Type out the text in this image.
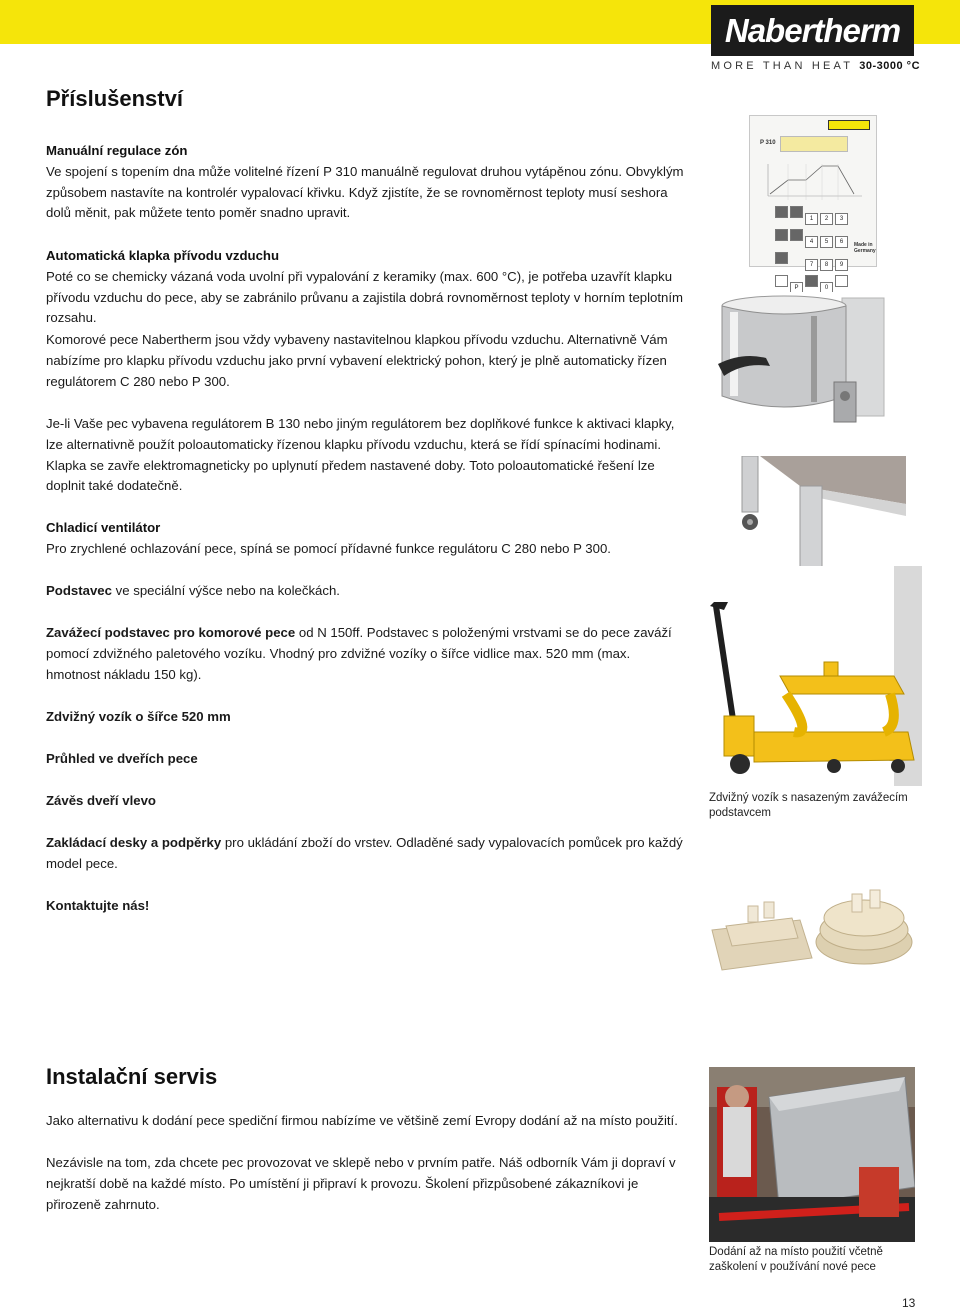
Nabertherm
MORE THAN HEAT 30-3000 °C
Příslušenství

Manuální regulace zón
Ve spojení s topením dna může volitelné řízení P 310 manuálně regulovat druhou vytápěnou zónu. Obvyklým způsobem nastavíte na kontrolér vypalovací křivku. Když zjistíte, že se rovnoměrnost teploty musí seshora dolů měnit, pak můžete tento poměr snadno upravit.

Automatická klapka přívodu vzduchu
Poté co se chemicky vázaná voda uvolní při vypalování z keramiky (max. 600 °C), je potřeba uzavřít klapku přívodu vzduchu do pece, aby se zabránilo průvanu a zajistila dobrá rovnoměrnost teploty v horním teplotním rozsahu.

Komorové pece Nabertherm jsou vždy vybaveny nastavitelnou klapkou přívodu vzduchu. Alternativně Vám nabízíme pro klapku přívodu vzduchu jako první vybavení elektrický pohon, který je plně automaticky řízen regulátorem C 280 nebo P 300.

Je-li Vaše pec vybavena regulátorem B 130 nebo jiným regulátorem bez doplňkové funkce k aktivaci klapky, lze alternativně použít poloautomaticky řízenou klapku přívodu vzduchu, která se řídí spínacími hodinami. Klapka se zavře elektromagneticky po uplynutí předem nastavené doby. Toto poloautomatické řešení lze doplnit také dodatečně.

Chladicí ventilátor
Pro zrychlené ochlazování pece, spíná se pomocí přídavné funkce regulátoru C 280 nebo P 300.

Podstavec ve speciální výšce nebo na kolečkách.

Zavážecí podstavec pro komorové pece od N 150ff. Podstavec s položenými vrstvami se do pece zaváží pomocí zdvižného paletového vozíku. Vhodný pro zdvižné vozíky o šířce vidlice max. 520 mm (max. hmotnost nákladu 150 kg).

Zdvižný vozík o šířce 520 mm

Průhled ve dveřích pece

Závěs dveří vlevo

Zakládací desky a podpěrky pro ukládání zboží do vrstev. Odladěné sady vypalovacích pomůcek pro každý model pece.

Kontaktujte nás!

P 310
1 2 3 4 5 6 7 8 9 P	0
Made in Germany
Zdvižný vozík s nasazeným zavážecím podstavcem
Instalační servis

Jako alternativu k dodání pece spediční firmou nabízíme ve většině zemí Evropy dodání až na místo použití.

Nezávisle na tom, zda chcete pec provozovat ve sklepě nebo v prvním patře. Náš odborník Vám ji dopraví v nejkratší době na každé místo. Po umístění ji připraví k provozu. Školení přizpůsobené zákazníkovi je přirozeně zahrnuto.

Dodání až na místo použití včetně zaškolení v používání nové pece
13
